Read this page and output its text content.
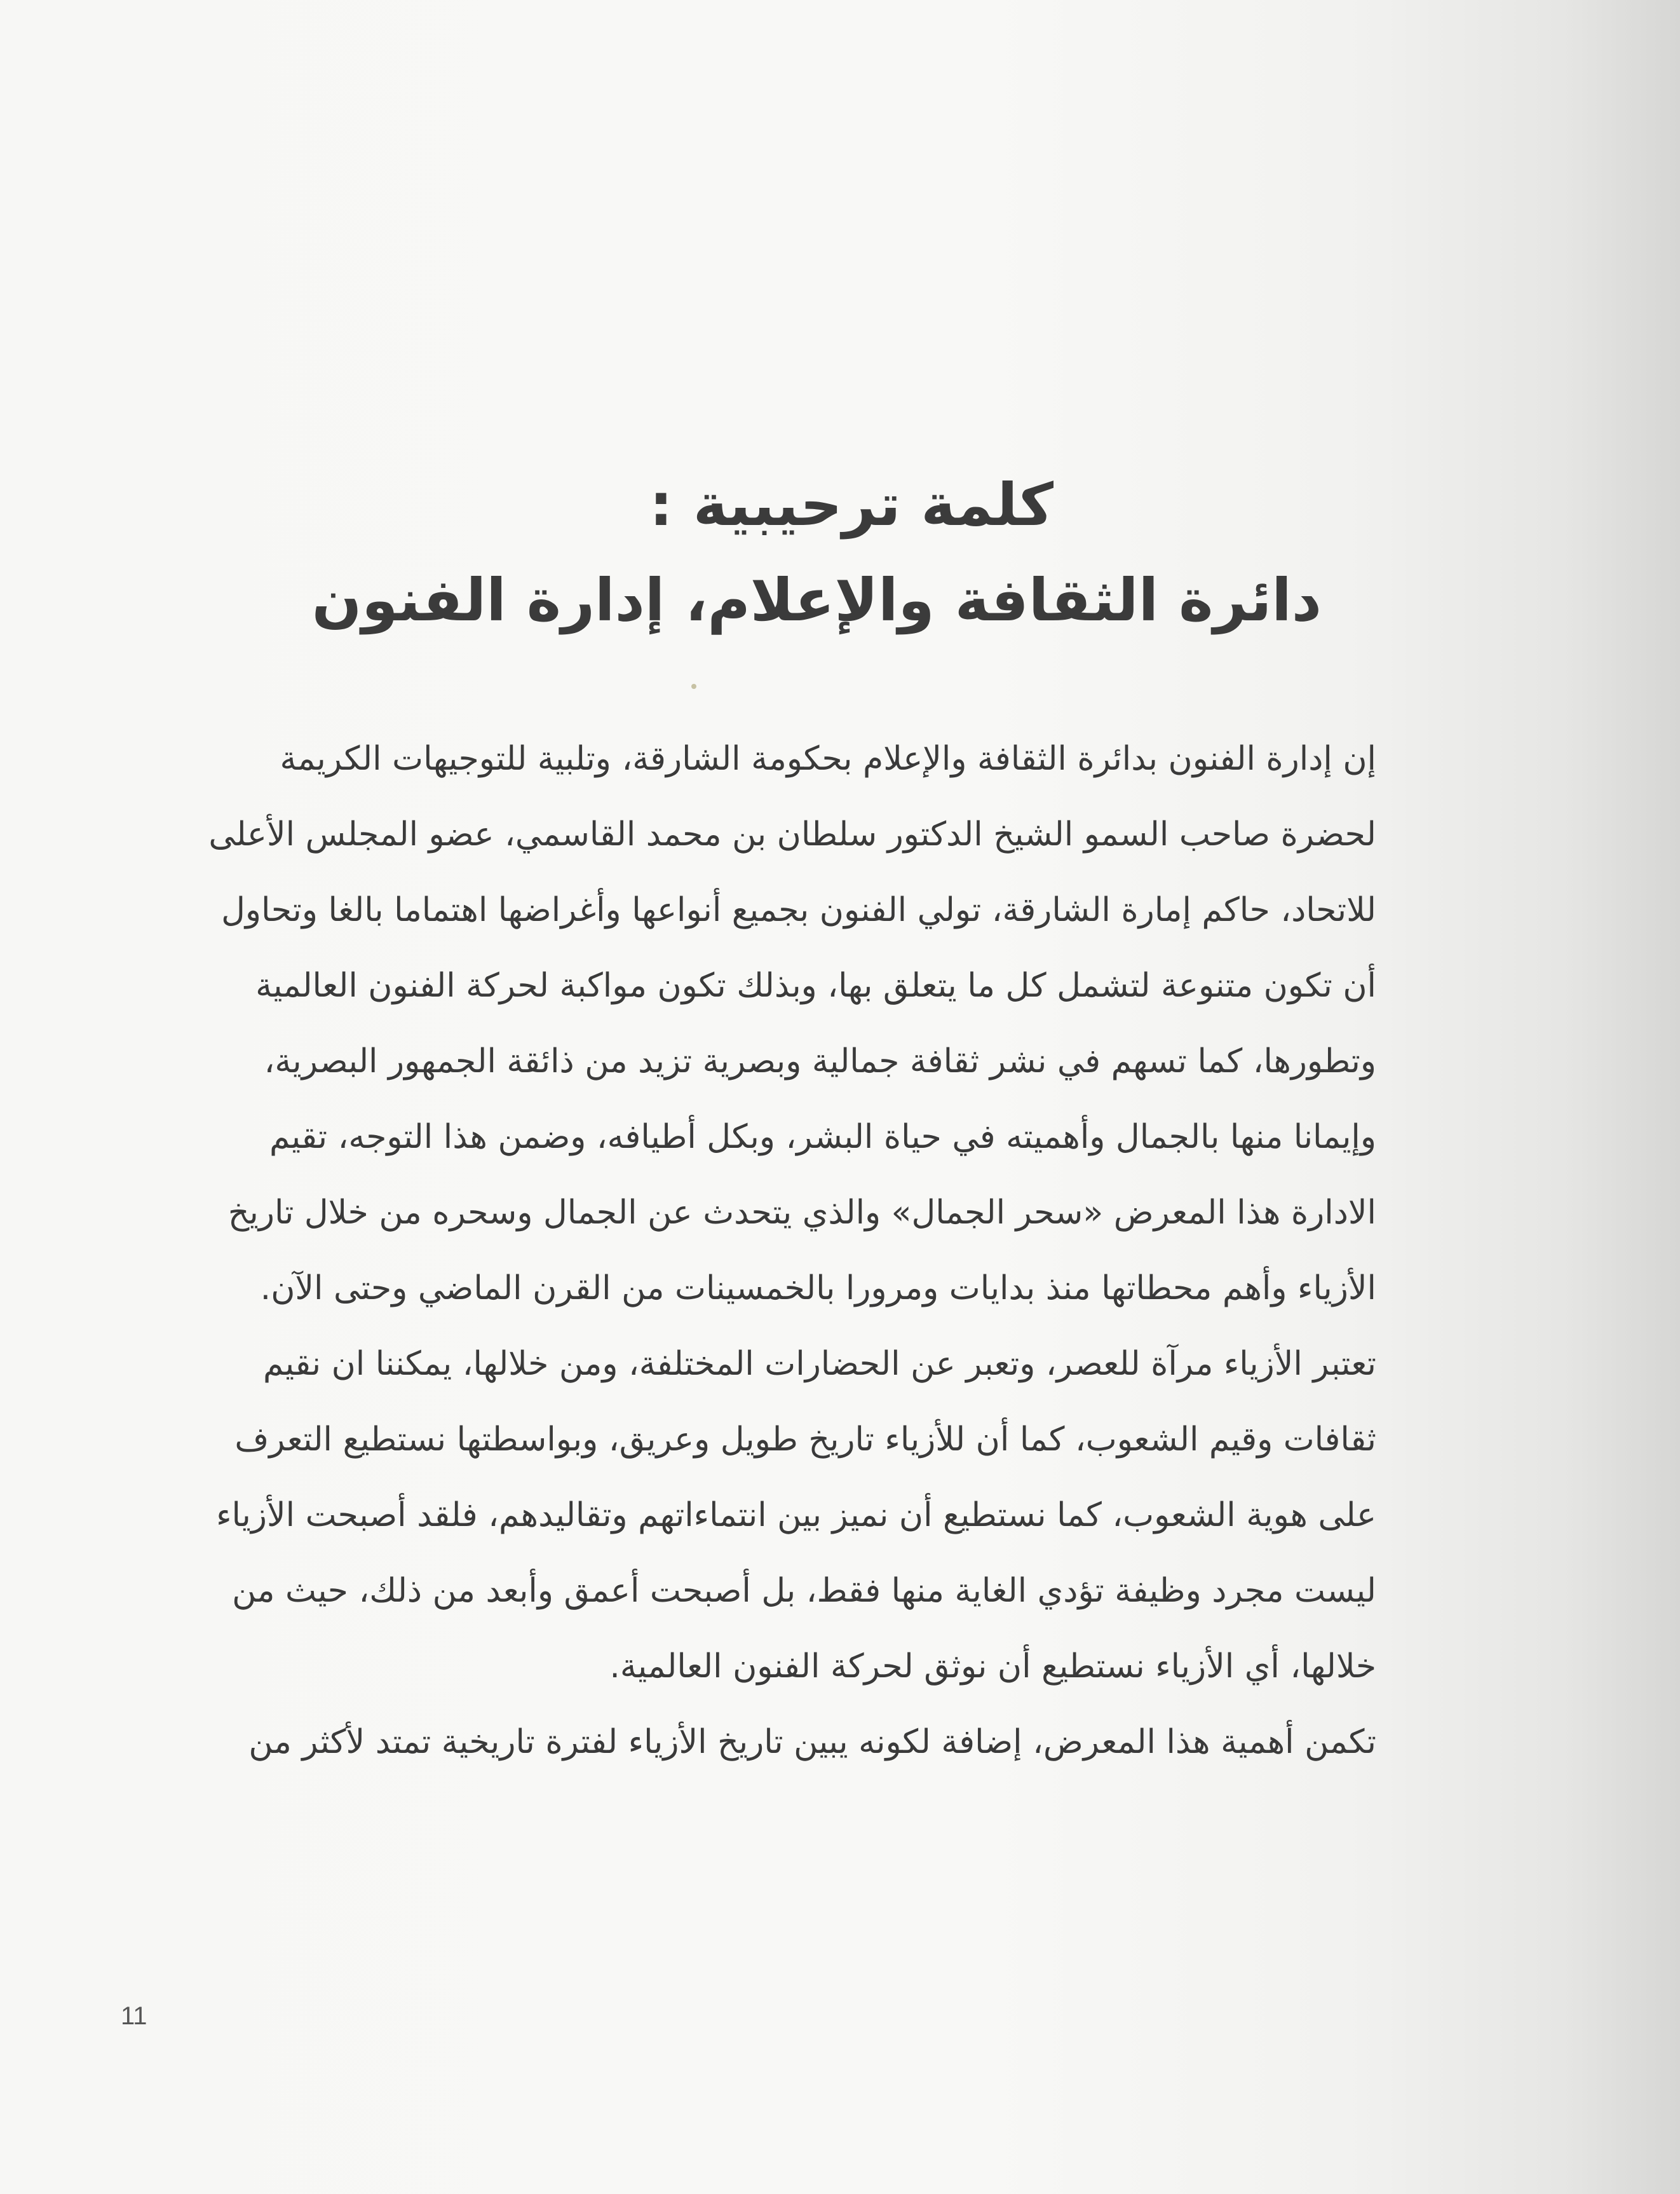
كلمة ترحيبية :
دائرة الثقافة والإعلام، إدارة الفنون
إن إدارة الفنون بدائرة الثقافة والإعلام بحكومة الشارقة، وتلبية للتوجيهات الكريمة
لحضرة صاحب السمو الشيخ الدكتور سلطان بن محمد القاسمي، عضو المجلس الأعلى
للاتحاد، حاكم إمارة الشارقة، تولي الفنون بجميع أنواعها وأغراضها اهتماما بالغا وتحاول
أن تكون متنوعة لتشمل كل ما يتعلق بها، وبذلك تكون مواكبة لحركة الفنون العالمية
وتطورها، كما تسهم في نشر ثقافة جمالية وبصرية تزيد من ذائقة الجمهور البصرية،
وإيمانا منها بالجمال وأهميته في حياة البشر، وبكل أطيافه، وضمن هذا التوجه، تقيم
الادارة هذا المعرض «سحر الجمال» والذي يتحدث عن الجمال وسحره من خلال تاريخ
الأزياء وأهم محطاتها منذ بدايات ومرورا بالخمسينات من القرن الماضي وحتى الآن.
تعتبر الأزياء مرآة للعصر، وتعبر عن الحضارات المختلفة، ومن خلالها، يمكننا ان نقيم
ثقافات وقيم الشعوب، كما أن للأزياء تاريخ طويل وعريق، وبواسطتها نستطيع التعرف
على هوية الشعوب، كما نستطيع أن نميز بين انتماءاتهم وتقاليدهم، فلقد أصبحت الأزياء
ليست مجرد وظيفة تؤدي الغاية منها فقط، بل أصبحت أعمق وأبعد من ذلك، حيث من
خلالها، أي الأزياء نستطيع أن نوثق لحركة الفنون العالمية.
تكمن أهمية هذا المعرض، إضافة لكونه يبين تاريخ الأزياء لفترة تاريخية تمتد لأكثر من
11
